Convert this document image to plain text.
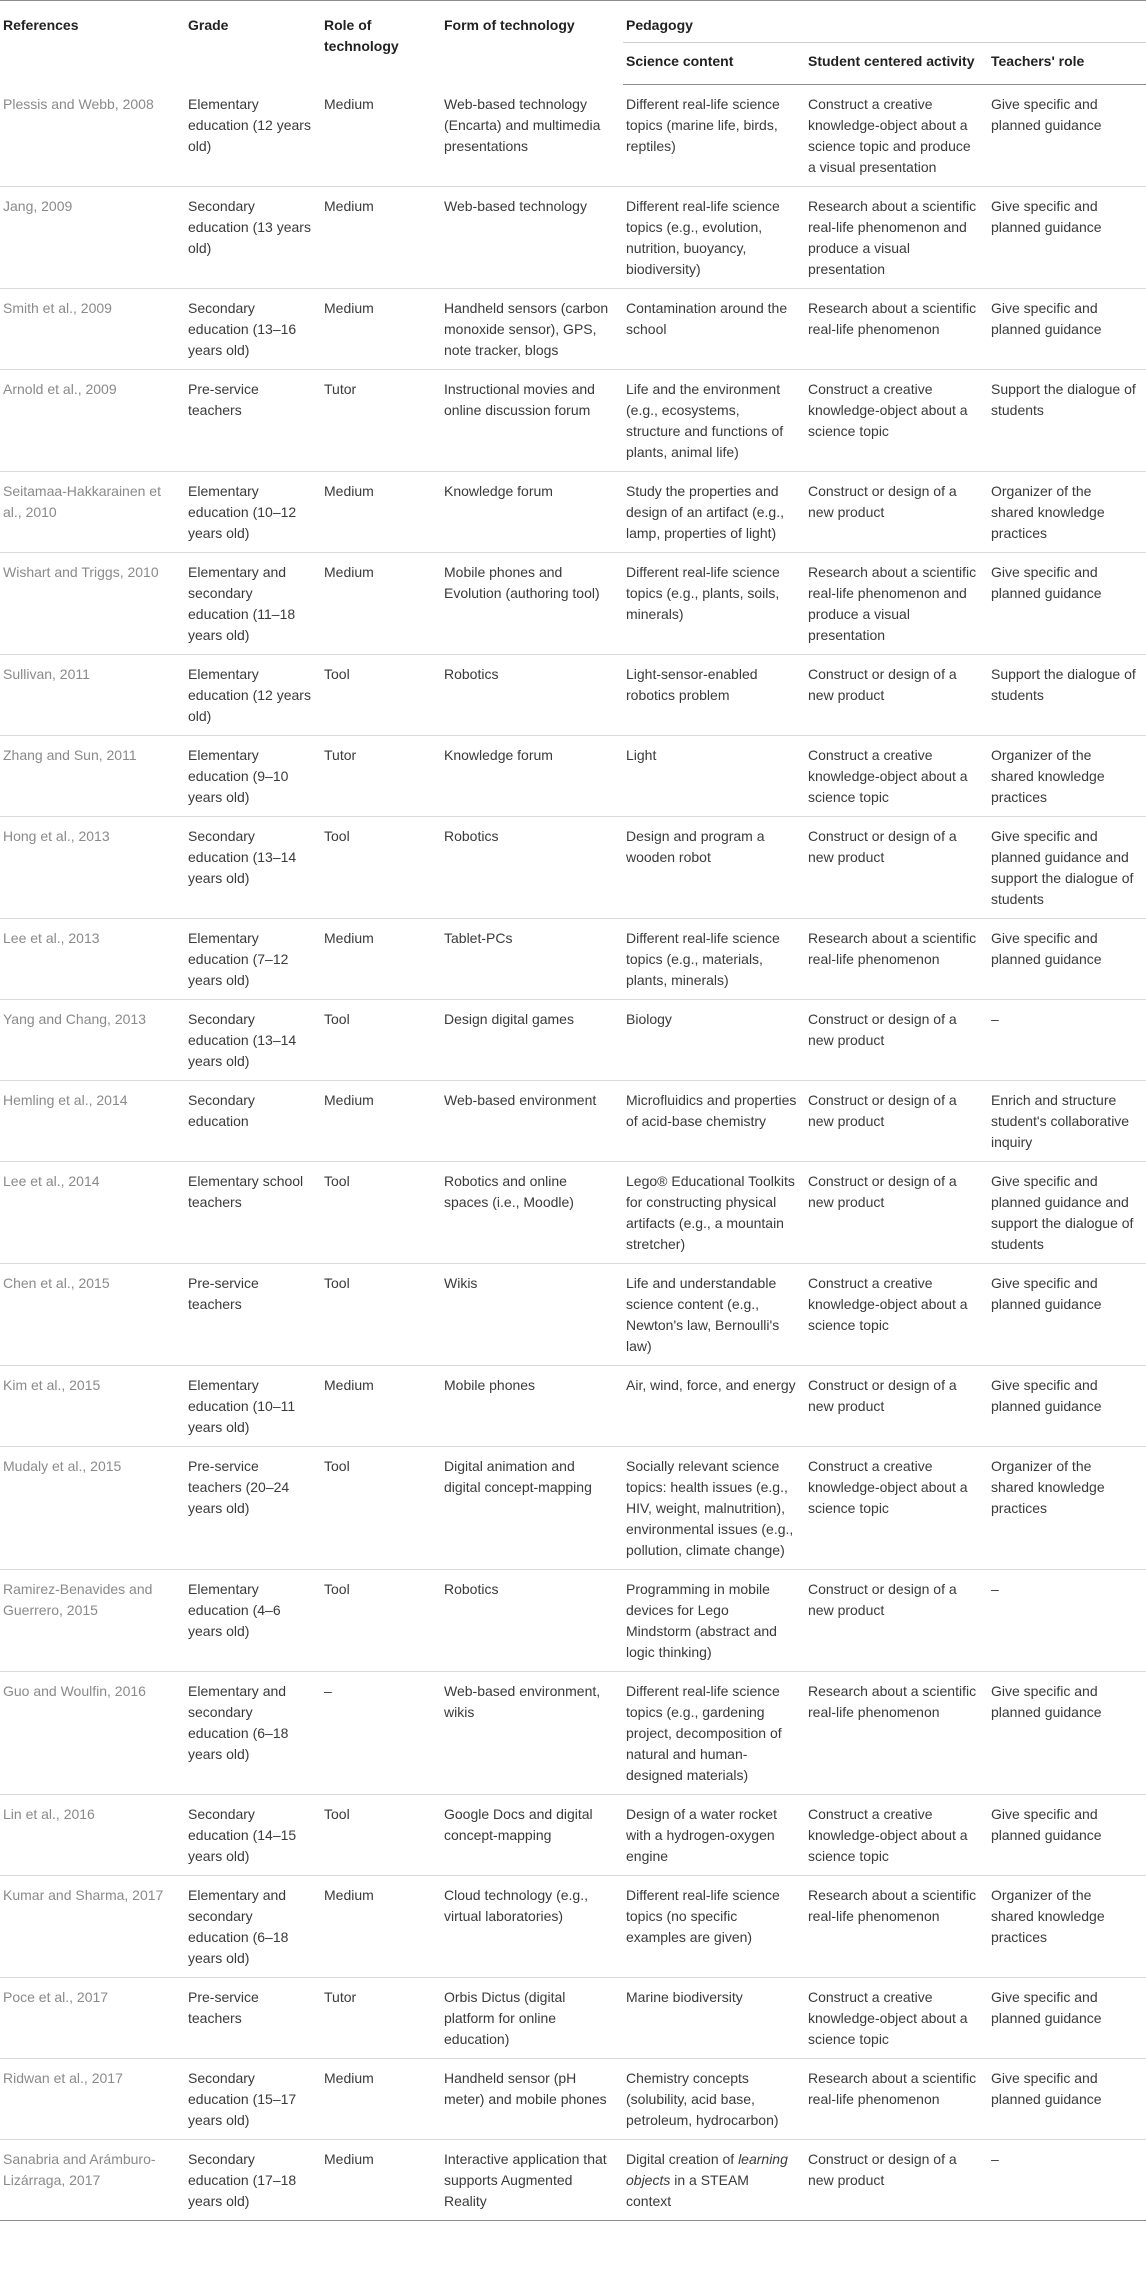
References	Grade	Role of technology	Form of technology	Pedagogy		
				Science content	Student centered activity	Teachers' role
Plessis and Webb, 2008	Elementary education (12 years old)	Medium	Web-based technology (Encarta) and multimedia presentations	Different real-life science topics (marine life, birds, reptiles)	Construct a creative knowledge-object about a science topic and produce a visual presentation	Give specific and planned guidance
Jang, 2009	Secondary education (13 years old)	Medium	Web-based technology	Different real-life science topics (e.g., evolution, nutrition, buoyancy, biodiversity)	Research about a scientific real-life phenomenon and produce a visual presentation	Give specific and planned guidance
Smith et al., 2009	Secondary education (13–16 years old)	Medium	Handheld sensors (carbon monoxide sensor), GPS, note tracker, blogs	Contamination around the school	Research about a scientific real-life phenomenon	Give specific and planned guidance
Arnold et al., 2009	Pre-service teachers	Tutor	Instructional movies and online discussion forum	Life and the environment (e.g., ecosystems, structure and functions of plants, animal life)	Construct a creative knowledge-object about a science topic	Support the dialogue of students
Seitamaa-Hakkarainen et al., 2010	Elementary education (10–12 years old)	Medium	Knowledge forum	Study the properties and design of an artifact (e.g., lamp, properties of light)	Construct or design of a new product	Organizer of the shared knowledge practices
Wishart and Triggs, 2010	Elementary and secondary education (11–18 years old)	Medium	Mobile phones and Evolution (authoring tool)	Different real-life science topics (e.g., plants, soils, minerals)	Research about a scientific real-life phenomenon and produce a visual presentation	Give specific and planned guidance
Sullivan, 2011	Elementary education (12 years old)	Tool	Robotics	Light-sensor-enabled robotics problem	Construct or design of a new product	Support the dialogue of students
Zhang and Sun, 2011	Elementary education (9–10 years old)	Tutor	Knowledge forum	Light	Construct a creative knowledge-object about a science topic	Organizer of the shared knowledge practices
Hong et al., 2013	Secondary education (13–14 years old)	Tool	Robotics	Design and program a wooden robot	Construct or design of a new product	Give specific and planned guidance and support the dialogue of students
Lee et al., 2013	Elementary education (7–12 years old)	Medium	Tablet-PCs	Different real-life science topics (e.g., materials, plants, minerals)	Research about a scientific real-life phenomenon	Give specific and planned guidance
Yang and Chang, 2013	Secondary education (13–14 years old)	Tool	Design digital games	Biology	Construct or design of a new product	–
Hemling et al., 2014	Secondary education	Medium	Web-based environment	Microfluidics and properties of acid-base chemistry	Construct or design of a new product	Enrich and structure student's collaborative inquiry
Lee et al., 2014	Elementary school teachers	Tool	Robotics and online spaces (i.e., Moodle)	Lego® Educational Toolkits for constructing physical artifacts (e.g., a mountain stretcher)	Construct or design of a new product	Give specific and planned guidance and support the dialogue of students
Chen et al., 2015	Pre-service teachers	Tool	Wikis	Life and understandable science content (e.g., Newton's law, Bernoulli's law)	Construct a creative knowledge-object about a science topic	Give specific and planned guidance
Kim et al., 2015	Elementary education (10–11 years old)	Medium	Mobile phones	Air, wind, force, and energy	Construct or design of a new product	Give specific and planned guidance
Mudaly et al., 2015	Pre-service teachers (20–24 years old)	Tool	Digital animation and digital concept-mapping	Socially relevant science topics: health issues (e.g., HIV, weight, malnutrition), environmental issues (e.g., pollution, climate change)	Construct a creative knowledge-object about a science topic	Organizer of the shared knowledge practices
Ramirez-Benavides and Guerrero, 2015	Elementary education (4–6 years old)	Tool	Robotics	Programming in mobile devices for Lego Mindstorm (abstract and logic thinking)	Construct or design of a new product	–
Guo and Woulfin, 2016	Elementary and secondary education (6–18 years old)	–	Web-based environment, wikis	Different real-life science topics (e.g., gardening project, decomposition of natural and human-designed materials)	Research about a scientific real-life phenomenon	Give specific and planned guidance
Lin et al., 2016	Secondary education (14–15 years old)	Tool	Google Docs and digital concept-mapping	Design of a water rocket with a hydrogen-oxygen engine	Construct a creative knowledge-object about a science topic	Give specific and planned guidance
Kumar and Sharma, 2017	Elementary and secondary education (6–18 years old)	Medium	Cloud technology (e.g., virtual laboratories)	Different real-life science topics (no specific examples are given)	Research about a scientific real-life phenomenon	Organizer of the shared knowledge practices
Poce et al., 2017	Pre-service teachers	Tutor	Orbis Dictus (digital platform for online education)	Marine biodiversity	Construct a creative knowledge-object about a science topic	Give specific and planned guidance
Ridwan et al., 2017	Secondary education (15–17 years old)	Medium	Handheld sensor (pH meter) and mobile phones	Chemistry concepts (solubility, acid base, petroleum, hydrocarbon)	Research about a scientific real-life phenomenon	Give specific and planned guidance
Sanabria and Arámburo-Lizárraga, 2017	Secondary education (17–18 years old)	Medium	Interactive application that supports Augmented Reality	Digital creation of learning objects in a STEAM context	Construct or design of a new product	–
